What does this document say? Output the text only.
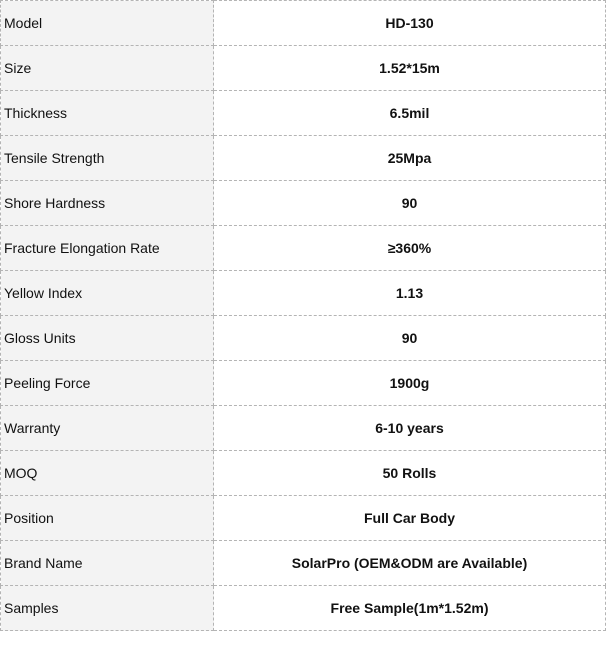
Model	HD-130
Size	1.52*15m
Thickness	6.5mil
Tensile Strength	25Mpa
Shore Hardness	90
Fracture Elongation Rate	≥360%
Yellow Index	1.13
Gloss Units	90
Peeling Force	1900g
Warranty	6-10 years
MOQ	50 Rolls
Position	Full Car Body
Brand Name	SolarPro (OEM&ODM are Available)
Samples	Free Sample(1m*1.52m)
